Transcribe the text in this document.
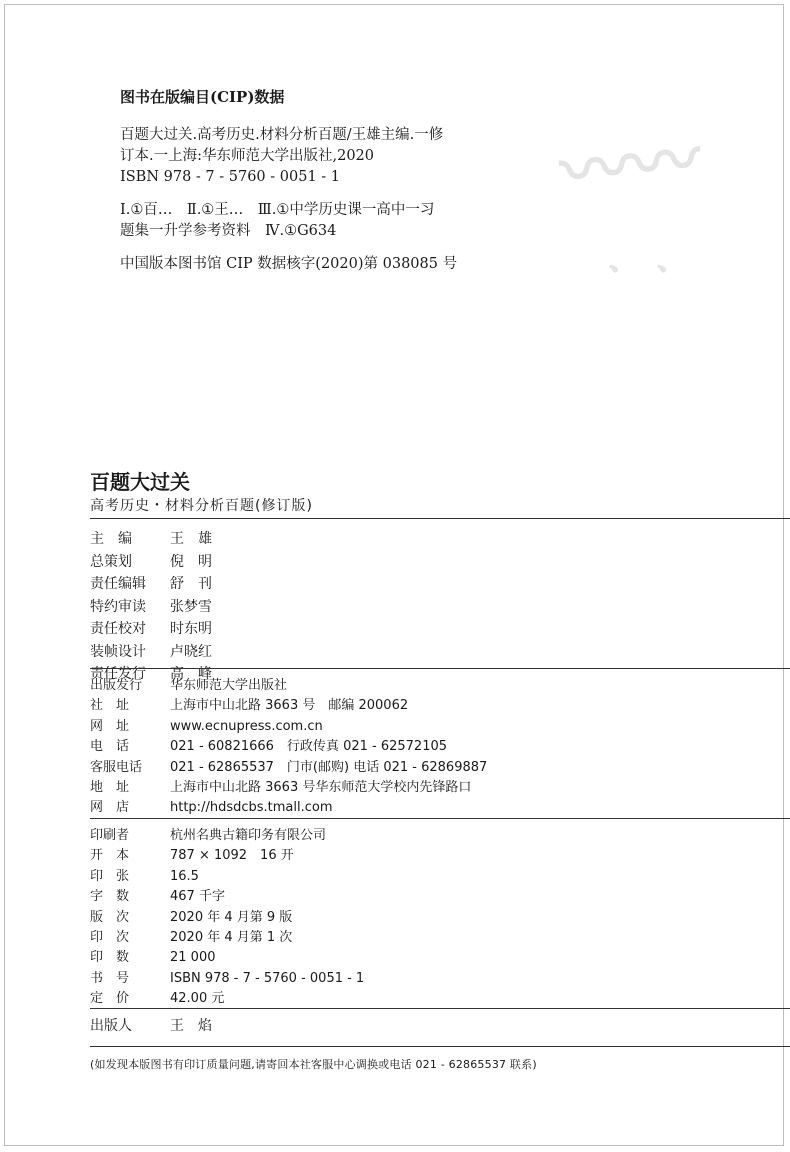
〰〰
ᆞᆞ
图书在版编目(CIP)数据
百题大过关.高考历史.材料分析百题/王雄主编.一修
订本.一上海:华东师范大学出版社,2020
ISBN 978 - 7 - 5760 - 0051 - 1
Ⅰ.①百…　Ⅱ.①王…　Ⅲ.①中学历史课一高中一习
题集一升学参考资料　Ⅳ.①G634
中国版本图书馆 CIP 数据核字(2020)第 038085 号
百题大过关
高考历史・材料分析百题(修订版)
主　编	王　雄
总策划	倪　明
责任编辑	舒　刊
特约审读	张梦雪
责任校对	时东明
装帧设计	卢晓红
责任发行	高　峰
出版发行	华东师范大学出版社
社　址	上海市中山北路 3663 号　邮编 200062
网　址	www.ecnupress.com.cn
电　话	021 - 60821666　行政传真 021 - 62572105
客服电话	021 - 62865537　门市(邮购) 电话 021 - 62869887
地　址	上海市中山北路 3663 号华东师范大学校内先锋路口
网　店	http://hdsdcbs.tmall.com
印刷者	杭州名典古籍印务有限公司
开　本	787 × 1092　16 开
印　张	16.5
字　数	467 千字
版　次	2020 年 4 月第 9 版
印　次	2020 年 4 月第 1 次
印　数	21 000
书　号	ISBN 978 - 7 - 5760 - 0051 - 1
定　价	42.00 元
出版人	王　焰
(如发现本版图书有印订质量问题,请寄回本社客服中心调换或电话 021 - 62865537 联系)
